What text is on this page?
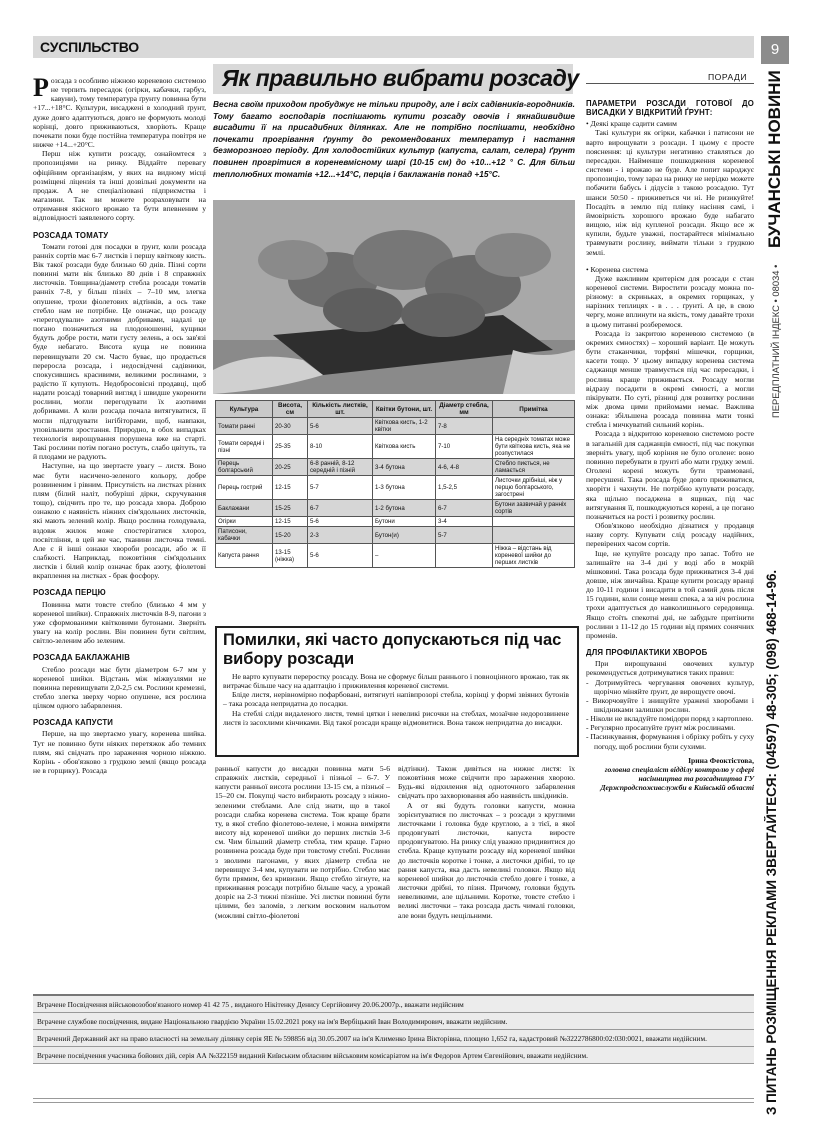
СУСПІЛЬСТВО	9
БУЧАНСЬКІ НОВИНИ
ПЕРЕДПЛАТНИЙ ІНДЕКС • 08034 •
З ПИТАНЬ РОЗМІЩЕННЯ РЕКЛАМИ ЗВЕРТАЙТЕСЯ: (04597) 48-305; (098) 468-14-96.
ПОРАДИ
Як правильно вибрати розсаду
Весна своїм приходом пробуджує не тільки природу, але і всіх садівників-городників. Тому багато господарів поспішають купити розсаду овочів і якнайшвидше висадити її на присадибних ділянках. Але не потрібно поспішати, необхідно почекати прогрівання ґрунту до рекомендованих температур і настання безморозного періоду. Для холодостійких культур (капуста, салат, селера) ґрунт повинен прогрітися в кореневмісному шарі (10-15 см) до +10...+12 ° С. Для більш теплолюбних томатів +12...+14°С, перців і баклажанів понад +15°С.

Розсада з особливо ніжною кореневою системою не терпить пересадок (огірки, кабачки, гарбуз, кавуни), тому температура ґрунту повинна бути +17...+18°С. Культури, висаджені в холодний ґрунт, дуже довго адаптуються, довго не формують молоді корінці, довго приживаються, хворіють. Краще почекати поки буде постійна температура повітря не нижче +14...+20°С.

Перш ніж купити розсаду, ознайомтеся з пропозиціями на ринку. Віддайте перевагу офіційним організаціям, у яких на видному місці розміщені ліцензія та інші дозвільні документи на продаж. А не спеціалізовані підприємства і магазини. Так ви можете розраховувати на отримання якісного врожаю та бути впевненим у відповідності заявленого сорту.

РОЗСАДА ТОМАТУ

Томати готові для посадки в ґрунт, коли розсада ранніх сортів має 6-7 листків і першу квіткову кисть. Вік такої розсади буде близько 60 днів. Пізні сорти повинні мати вік близько 80 днів і 8 справжніх листочків. Товщина/діаметр стебла розсади томатів ранніх 7-8, у більш пізніх – 7–10 мм, злегка опушене, трохи фіолетових відтінків, а ось таке стебло нам не потрібне. Це означає, що розсаду «перегодували» азотними добривами, надалі це погано позначиться на плодоношенні, кущики будуть добре рости, мати густу зелень, а ось зав'язі буде небагато. Висота куща не повинна перевищувати 20 см. Часто буває, що продається переросла розсада, і недосвідчені садівники, спокусившись красивими, великими рослинами, з радістю її купують. Недобросовісні продавці, щоб надати розсаді товарний вигляд і швидше укоренити рослини, могли перегодувати їх азотними добривами. А коли розсада почала витягуватися, її могли підгодувати інгібіторами, щоб, навпаки, уповільнити зростання. Природно, в обох випадках технологія вирощування порушена вже на старті. Такі рослини потім погано ростуть, слабо цвітуть, та й плодами не радують.

Наступне, на що звертаєте увагу – листя. Воно має бути насичено-зеленого кольору, добре розвиненим і рівним. Присутність на листках різних плям (білий наліт, побуріші дірки, скручування тощо), свідчить про те, що розсада хвора. Доброю ознакою є наявність ніжних сім'ядольних листочків, які мають зелений колір. Якщо рослина голодувала, вздовж жилок може спостерігатися хлороз, посвітління, в цей же час, тканини листочка темні. Але є й інші ознаки хвороби розсади, або ж її слабкості. Наприклад, пожовтіння сім'ядольних листків і білий колір означає брак азоту, фіолетові вкраплення на листках - брак фосфору.

РОЗСАДА ПЕРЦЮ

Повинна мати товсте стебло (близько 4 мм у кореневої шийки). Справжніх листочків 8-9, пагони з уже сформованими квітковими бутонами. Зверніть увагу на колір рослин. Він повинен бути світлим, світло-зеленим або зеленим.

РОЗСАДА БАКЛАЖАНІВ

Стебло розсади має бути діаметром 6-7 мм у кореневої шийки. Відстань між міжвузлями не повинна перевищувати 2,0-2,5 см. Рослини кремезні, стебло злегка зверху чорно опушене, вся рослина цілком одного забарвлення.

РОЗСАДА КАПУСТИ

Перше, на що звертаємо увагу, коренева шийка. Тут не повинно бути ніяких перетяжок або темних плям, які свідчать про зараження чорною ніжкою. Корінь - обов'язково з грудкою землі (якщо розсада не в горщику). Розсада

Культура	Висота, см	Кількість листків, шт.	Квітки бутони, шт.	Діаметр стебла, мм	Примітка
Томати ранні	20-30	5-6	Квіткова кисть, 1-2 квітки	7-8	
Томати середні і пізні	25-35	8-10	Квіткова кисть	7-10	На середніх томатах може бути квіткова кисть, яка не розпустилася
Перець болгарський	20-25	6-8 ранній, 8-12 середній і пізній	3-4 бутона	4-6, 4-8	Стебло пиється, не ламається
Перець гострий	12-15	5-7	1-3 бутона	1,5-2,5	Листочки дрібніші, ніж у перцю болгарського, загострені
Баклажани	15-25	6-7	1-2 бутона	6-7	Бутони зазвичай у ранніх сортів
Огірки	12-15	5-6	Бутони	3-4	
Патисони, кабачки	15-20	2-3	Бутон(и)	5-7	
Капуста рання	13-15 (ніжка)	5-6	–		Ніжка – відстань від кореневої шийки до перших листків
Помилки, які часто допускаються під час вибору розсади

Не варто купувати переростку розсаду. Вона не сформує більш раннього і повноцінного врожаю, так як витрачає більше часу на адаптацію і приживлення кореневої системи.

Бліде листя, нерівномірно пофарбовані, витягнуті напівпрозорі стебла, корінці у формі звіяних бутонів – така розсада непридатна до посадки.

На стеблі сліди видаленого листя, темні цятки і невеликі рисочки на стеблах, мозаїчне недорозвинене листя із засохлими кінчиками. Від такої розсади краще відмовитися. Вона також непридатна до висадки.

ранньої капусти до висадки повинна мати 5-6 справжніх листків, середньої і пізньої – 6-7. У капусти ранньої висота рослини 13-15 см, а пізньої – 15–20 см. Покупці часто вибирають розсаду з ніжно-зеленими стеблами. Але слід знати, що в такої розсади слабка коренева система. Тож краще брати ту, в якої стебло фіолетово-зелене, і можна виміряти висоту від кореневої шийки до перших листків 3-6 см. Чим більший діаметр стебла, тим краще. Гарно розвинена розсада буде при товстому стеблі. Рослини з зволими пагонами, у яких діаметр стебла не перевищує 3-4 мм, купувати не потрібно. Стебло має бути прямим, без кривизни. Якщо стебло зігнуте, на приживання розсади потрібно більше часу, а урожай дозріє на 2-3 тижні пізніше. Усі листки повинні бути цілими, без заломів, з легким восковим нальотом (можливі світло-фіолетові

відтінки). Також дивіться на нижнє листя: їх пожовтіння може свідчити про зараження хворою. Будь-які відхилення від одноточного забарвлення свідчать про захворювання або наявність шкідників.

А от які будуть головки капусти, можна зорієнтуватися по листочках – з розсади з круглими листочками і головка буде круглою, а з тієї, в якої продовгуваті листочки, капуста виросте продовгуватою. На ринку слід уважно придивитися до стебла. Краще купувати розсаду від кореневої шийки до листочків коротке і тонке, а листочки дрібні, то це рання капуста, яка дасть невеликі головки. Якщо від кореневої шийки до листочків стебло довге і тонке, а листочки дрібні, то пізня. Причому, головки будуть невеликими, але щільними. Коротке, товсте стебло і великі листочки – така розсада дасть чималі головки, але вони будуть нещільними.

ПАРАМЕТРИ РОЗСАДИ ГОТОВОЇ ДО ВИСАДКИ У ВІДКРИТИЙ ҐРУНТ:

• Деякі краще садити самим

Такі культури як огірки, кабачки і патисони не варто вирощувати з розсади. І цьому є просте пояснення: ці культури негативно ставляться до пересадки. Найменше пошкодження кореневої системи - і врожаю не буде. Але попит народжує пропозицію, тому зараз на ринку не нерідко можете побачити бабусь і дідусів з такою розсадою. Тут шанси 50:50 - приживеться чи ні. Не ризикуйте! Посадіть в землю під плівку насіння самі, і ймовірність хорошого врожаю буде набагато вищою, ніж від купленої розсади. Якщо все ж купили, будьте уважні, постарайтеся мінімально травмувати рослину, виймати тільки з грудкою землі.

• Коренева система

Дуже важливим критерієм для розсади є стан кореневої системи. Виростити розсаду можна по-різному: в скриньках, в окремих горщиках, у нарізних теплицях - в . . . ґрунті. А це, в свою чергу, може вплинути на якість, тому давайте трохи в цьому питанні розберемося.

Розсада із закритою кореневою системою (в окремих ємностях) – хороший варіант. Це можуть бути стаканчики, торфяні мішечки, горщики, касети тощо. У цьому випадку коренева система саджанця менше травмується під час пересадки, і рослина краще приживається. Розсаду могли відразу посадити в окремі ємності, а могли пікірувати. По суті, різниці для розвитку рослини між двома цими прийомами немає. Важлива ознака: збільшена розсада повинна мати тонкі стебла і мичкуватий сильний корінь.

Розсада з відкритою кореневою системою росте в загальній для саджанців ємності, під час покупки зверніть увагу, щоб коріння не було оголене: воно повинно перебувати в ґрунті або мати грудку землі. Оголені корені можуть бути травмовані, пересушені. Така розсада буде довго приживатися, хворіти і чахнути. Не потрібно купувати розсаду, яка щільно посаджена в ящиках, під час витягування її, пошкоджуються корені, а це погано позначиться на рості і розвитку рослин.

Обов'язково необхідно дізнатися у продавця назву сорту. Купувати слід розсаду надійних, перевірених часом сортів.

Іще, не купуйте розсаду про запас. Тобто не залишайте на 3-4 дні у воді або в мокрій мішковині. Така розсада буде приживатися 3-4 дні довше, ніж звичайна. Краще купити розсаду вранці до 10-11 години і висадити в той самий день після 15 години, коли сонце менш спека, а за ніч рослина трохи адаптується до навколишнього середовища. Якщо стоїть спекотні дні, не забудьте притінити рослини з 11-12 до 15 години від прямих сонячних променів.

ДЛЯ ПРОФІЛАКТИКИ ХВОРОБ

При вирощуванні овочевих культур рекомендується дотримуватися таких правил:

- Дотримуйтесь чергування овочевих культур, щорічно міняйте ґрунт, де вирощуєте овочі.
- Викорчовуйте і знищуйте уражені хворобами і шкідниками залишки рослин.
- Ніколи не вкладуйте помідори поряд з картоплею.
- Регулярно просапуйте ґрунт між рослинами.
- Пасинкування, формування і обрізку робіть у суху погоду, щоб рослини були сухими.

Ірина Феоктістова,

головна спеціаліст відділу контролю у сфері насінництва та розсадництва ГУ Держпродспоживслужби в Київській області

Вгрaчене Посвідчення військовозобов'язаного номер 41 42 75 , видaного Нікітенку Денису Сергійовичу 20.06.2007р., вважати недійсним
Вгрaчене службове посвідчення, видане Національною гвардією України 15.02.2021 року на ім'я Вербіцький Іван Володимирович, вважати недійсним.
Вгрaчений Державний акт на право власності на земельну ділянку серія ЯЕ № 598856 від 30.05.2007 на ім'я Клименко Ірина Вікторівна, площею 1,652 га, кадастровий №3222786800:02:030:0021, вважати недійсним.
Вгрaчене посвідчення учасника бойових дій, серія АА №322159 виданий Київським обласним військовим комісаріатом на ім'я Федоров Артем Євгенійович, вважати недійсним.
